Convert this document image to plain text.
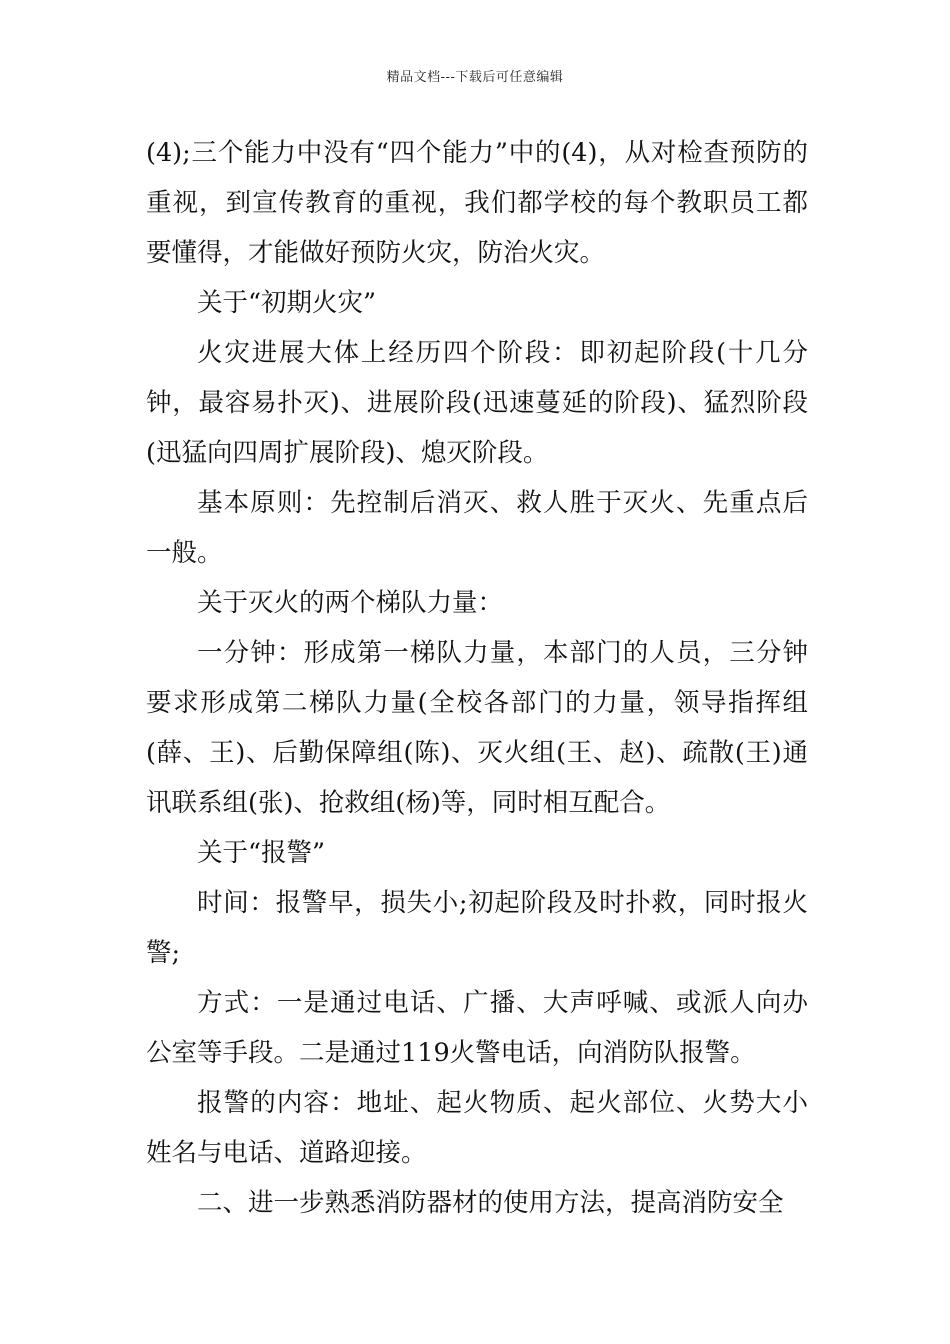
精品文档---下载后可任意编辑

(4);三个能力中没有“四个能力”中的(4)，从对检查预防的重视，到宣传教育的重视，我们都学校的每个教职员工都要懂得，才能做好预防火灾，防治火灾。

关于“初期火灾”

火灾进展大体上经历四个阶段：即初起阶段(十几分钟，最容易扑灭)、进展阶段(迅速蔓延的阶段)、猛烈阶段(迅猛向四周扩展阶段)、熄灭阶段。

基本原则：先控制后消灭、救人胜于灭火、先重点后一般。

关于灭火的两个梯队力量：

一分钟：形成第一梯队力量，本部门的人员，三分钟要求形成第二梯队力量(全校各部门的力量，领导指挥组(薛、王)、后勤保障组(陈)、灭火组(王、赵)、疏散(王)通讯联系组(张)、抢救组(杨)等，同时相互配合。

关于“报警”

时间：报警早，损失小;初起阶段及时扑救，同时报火警;

方式：一是通过电话、广播、大声呼喊、或派人向办公室等手段。二是通过119火警电话，向消防队报警。

报警的内容：地址、起火物质、起火部位、火势大小姓名与电话、道路迎接。

二、进一步熟悉消防器材的使用方法，提高消防安全
